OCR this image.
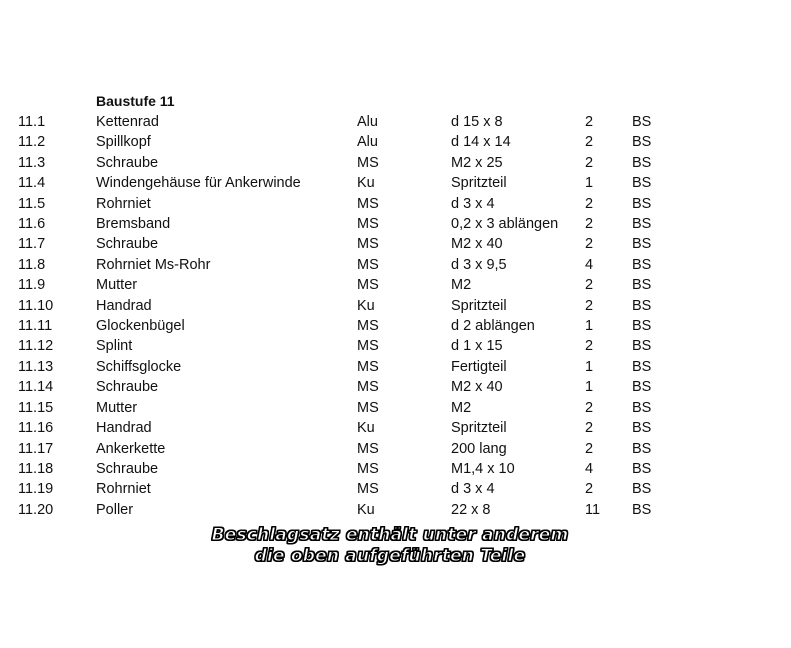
Baustufe 11
11.1	Kettenrad	Alu	d 15 x 8	2	BS
11.2	Spillkopf	Alu	d 14 x 14	2	BS
11.3	Schraube	MS	M2 x 25	2	BS
11.4	Windengehäuse für Ankerwinde	Ku	Spritzteil	1	BS
11.5	Rohrniet	MS	d 3 x 4	2	BS
11.6	Bremsband	MS	0,2 x 3 ablängen	2	BS
11.7	Schraube	MS	M2 x 40	2	BS
11.8	Rohrniet Ms-Rohr	MS	d 3 x 9,5	4	BS
11.9	Mutter	MS	M2	2	BS
11.10	Handrad	Ku	Spritzteil	2	BS
11.11	Glockenbügel	MS	d 2 ablängen	1	BS
11.12	Splint	MS	d 1 x 15	2	BS
11.13	Schiffsglocke	MS	Fertigteil	1	BS
11.14	Schraube	MS	M2 x 40	1	BS
11.15	Mutter	MS	M2	2	BS
11.16	Handrad	Ku	Spritzteil	2	BS
11.17	Ankerkette	MS	200 lang	2	BS
11.18	Schraube	MS	M1,4 x 10	4	BS
11.19	Rohrniet	MS	d 3 x 4	2	BS
11.20	Poller	Ku	22 x 8	11	BS
Beschlagsatz enthält unter anderem
die oben aufgeführten Teile
